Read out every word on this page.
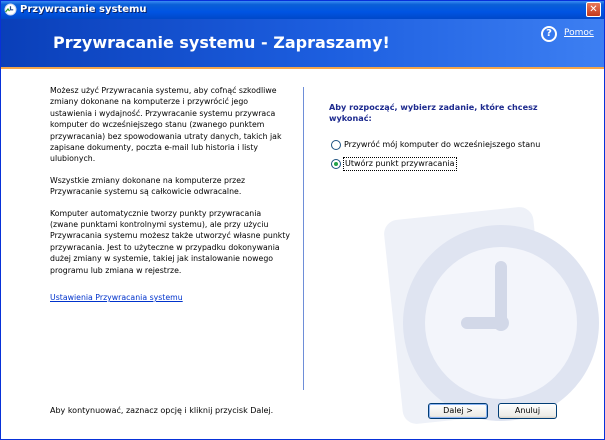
Przywracanie systemu	✕
Przywracanie systemu - Zapraszamy!	?	Pomoc

Możesz użyć Przywracania systemu, aby cofnąć szkodliwe zmiany dokonane na komputerze i przywrócić jego ustawienia i wydajność. Przywracanie systemu przywraca komputer do wcześniejszego stanu (zwanego punktem przywracania) bez spowodowania utraty danych, takich jak zapisane dokumenty, poczta e-mail lub historia i listy ulubionych.

Wszystkie zmiany dokonane na komputerze przez Przywracanie systemu są całkowicie odwracalne.

Komputer automatycznie tworzy punkty przywracania (zwane punktami kontrolnymi systemu), ale przy użyciu Przywracania systemu możesz także utworzyć własne punkty przywracania. Jest to użyteczne w przypadku dokonywania dużej zmiany w systemie, takiej jak instalowanie nowego programu lub zmiana w rejestrze.

Ustawienia Przywracania systemu

Aby rozpocząć, wybierz zadanie, które chcesz wykonać:
Przywróć mój komputer do wcześniejszego stanu
Utwórz punkt przywracania
Aby kontynuować, zaznacz opcję i kliknij przycisk Dalej.	Dalej >	Anuluj
